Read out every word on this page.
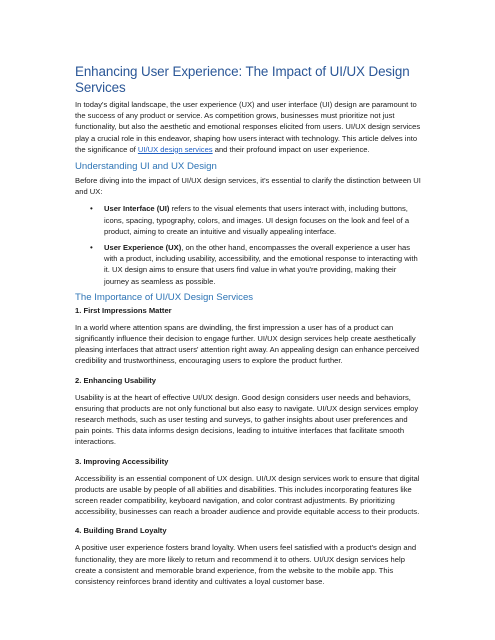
Enhancing User Experience: The Impact of UI/UX Design Services

In today's digital landscape, the user experience (UX) and user interface (UI) design are paramount to the success of any product or service. As competition grows, businesses must prioritize not just functionality, but also the aesthetic and emotional responses elicited from users. UI/UX design services play a crucial role in this endeavor, shaping how users interact with technology. This article delves into the significance of UI/UX design services and their profound impact on user experience.

Understanding UI and UX Design

Before diving into the impact of UI/UX design services, it's essential to clarify the distinction between UI and UX:

• User Interface (UI) refers to the visual elements that users interact with, including buttons, icons, spacing, typography, colors, and images. UI design focuses on the look and feel of a product, aiming to create an intuitive and visually appealing interface.
• User Experience (UX), on the other hand, encompasses the overall experience a user has with a product, including usability, accessibility, and the emotional response to interacting with it. UX design aims to ensure that users find value in what you're providing, making their journey as seamless as possible.
The Importance of UI/UX Design Services
1. First Impressions Matter

In a world where attention spans are dwindling, the first impression a user has of a product can significantly influence their decision to engage further. UI/UX design services help create aesthetically pleasing interfaces that attract users' attention right away. An appealing design can enhance perceived credibility and trustworthiness, encouraging users to explore the product further.

2. Enhancing Usability

Usability is at the heart of effective UI/UX design. Good design considers user needs and behaviors, ensuring that products are not only functional but also easy to navigate. UI/UX design services employ research methods, such as user testing and surveys, to gather insights about user preferences and pain points. This data informs design decisions, leading to intuitive interfaces that facilitate smooth interactions.

3. Improving Accessibility

Accessibility is an essential component of UX design. UI/UX design services work to ensure that digital products are usable by people of all abilities and disabilities. This includes incorporating features like screen reader compatibility, keyboard navigation, and color contrast adjustments. By prioritizing accessibility, businesses can reach a broader audience and provide equitable access to their products.

4. Building Brand Loyalty

A positive user experience fosters brand loyalty. When users feel satisfied with a product's design and functionality, they are more likely to return and recommend it to others. UI/UX design services help create a consistent and memorable brand experience, from the website to the mobile app. This consistency reinforces brand identity and cultivates a loyal customer base.
